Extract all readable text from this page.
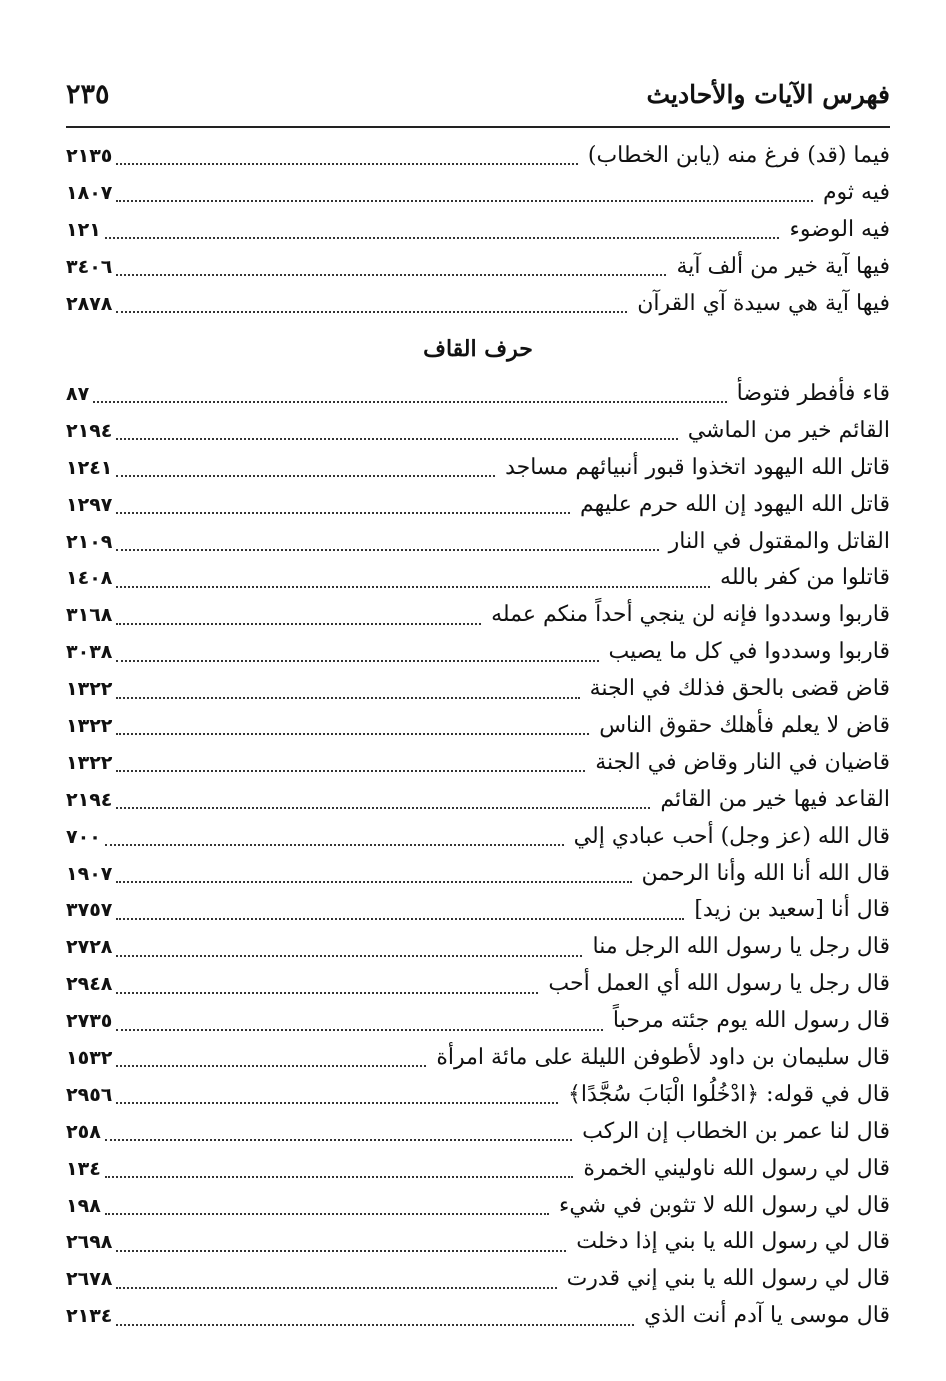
فهرس الآيات والأحاديث
٢٣٥
فيما (قد) فرغ منه (يابن الخطاب)
٢١٣٥
فيه ثوم
١٨٠٧
فيه الوضوء
١٢١
فيها آية خير من ألف آية
٣٤٠٦
فيها آية هي سيدة آي القرآن
٢٨٧٨
حرف القاف
قاء فأفطر فتوضأ
٨٧
القائم خير من الماشي
٢١٩٤
قاتل الله اليهود اتخذوا قبور أنبيائهم مساجد
١٢٤١
قاتل الله اليهود إن الله حرم عليهم
١٢٩٧
القاتل والمقتول في النار
٢١٠٩
قاتلوا من كفر بالله
١٤٠٨
قاربوا وسددوا فإنه لن ينجي أحداً منكم عمله
٣١٦٨
قاربوا وسددوا في كل ما يصيب
٣٠٣٨
قاض قضى بالحق فذلك في الجنة
١٣٢٢
قاض لا يعلم فأهلك حقوق الناس
١٣٢٢
قاضيان في النار وقاض في الجنة
١٣٢٢
القاعد فيها خير من القائم
٢١٩٤
قال الله (عز وجل) أحب عبادي إلي
٧٠٠
قال الله أنا الله وأنا الرحمن
١٩٠٧
قال أنا [سعيد بن زيد]
٣٧٥٧
قال رجل يا رسول الله الرجل منا
٢٧٢٨
قال رجل يا رسول الله أي العمل أحب
٢٩٤٨
قال رسول الله يوم جئته مرحباً
٢٧٣٥
قال سليمان بن داود لأطوفن الليلة على مائة امرأة
١٥٣٢
قال في قوله: ﴿ادْخُلُوا الْبَابَ سُجَّدًا﴾
٢٩٥٦
قال لنا عمر بن الخطاب إن الركب
٢٥٨
قال لي رسول الله ناوليني الخمرة
١٣٤
قال لي رسول الله لا تثوبن في شيء
١٩٨
قال لي رسول الله يا بني إذا دخلت
٢٦٩٨
قال لي رسول الله يا بني إني قدرت
٢٦٧٨
قال موسى يا آدم أنت الذي
٢١٣٤
